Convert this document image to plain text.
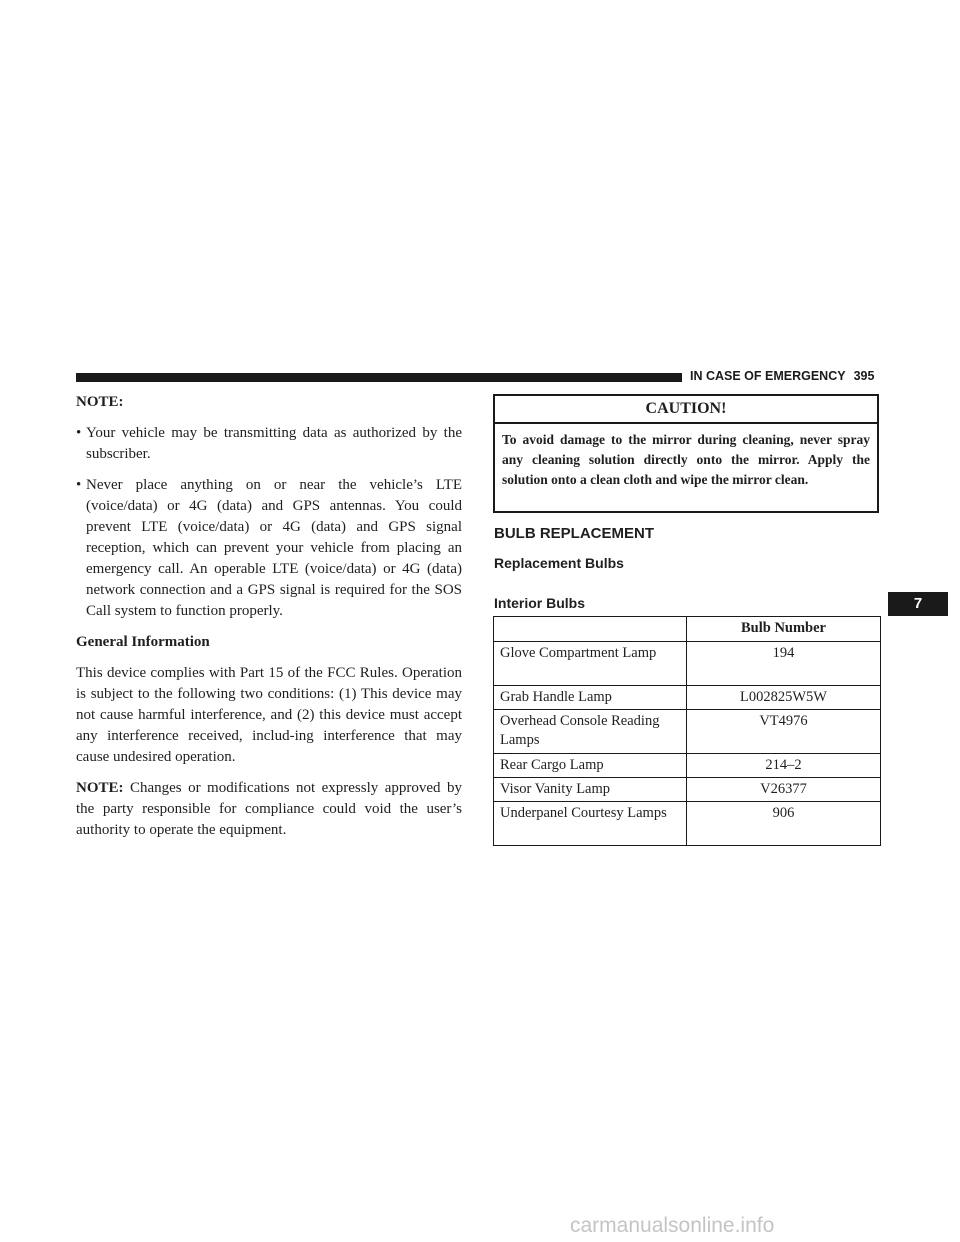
IN CASE OF EMERGENCY 395
NOTE:
• Your vehicle may be transmitting data as authorized by the subscriber.
• Never place anything on or near the vehicle’s LTE (voice/data) or 4G (data) and GPS antennas. You could prevent LTE (voice/data) or 4G (data) and GPS signal reception, which can prevent your vehicle from placing an emergency call. An operable LTE (voice/data) or 4G (data) network connection and a GPS signal is required for the SOS Call system to function properly.
General Information
This device complies with Part 15 of the FCC Rules. Operation is subject to the following two conditions: (1) This device may not cause harmful interference, and (2) this device must accept any interference received, includ-ing interference that may cause undesired operation.
NOTE: Changes or modifications not expressly approved by the party responsible for compliance could void the user’s authority to operate the equipment.
CAUTION!
To avoid damage to the mirror during cleaning, never spray any cleaning solution directly onto the mirror. Apply the solution onto a clean cloth and wipe the mirror clean.
BULB REPLACEMENT
Replacement Bulbs
Interior Bulbs	7
	Bulb Number
Glove Compartment Lamp	194
Grab Handle Lamp	L002825W5W
Overhead Console Reading Lamps	VT4976
Rear Cargo Lamp	214–2
Visor Vanity Lamp	V26377
Underpanel Courtesy Lamps	906
carmanualsonline.info
